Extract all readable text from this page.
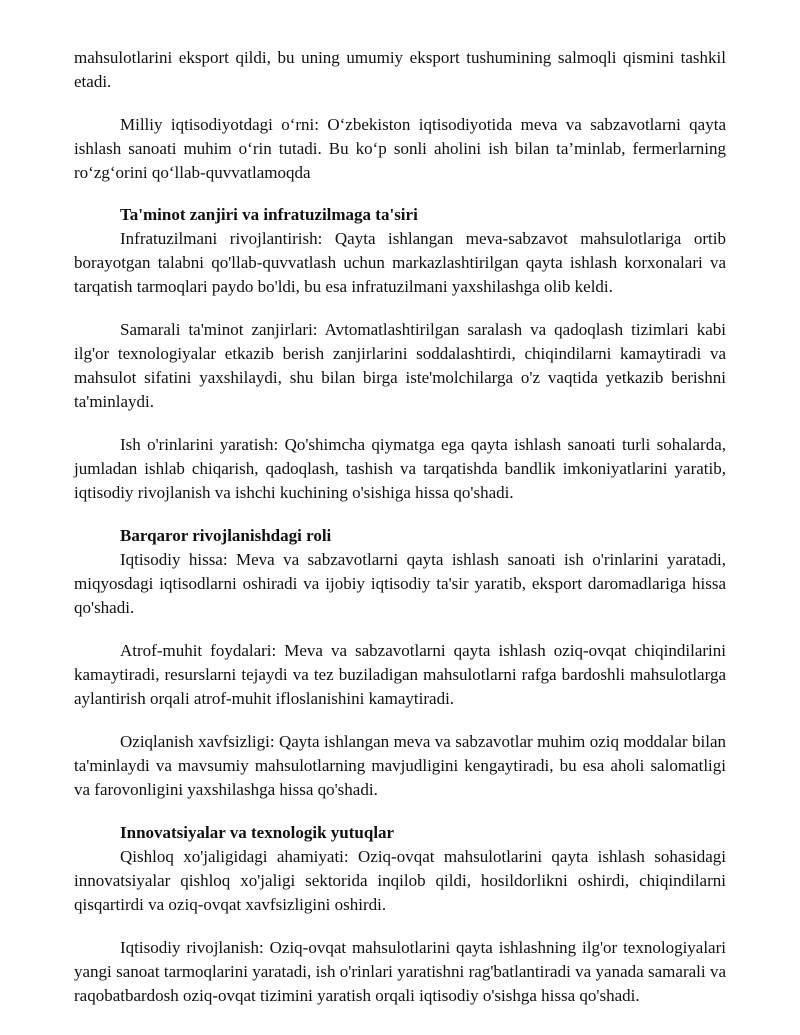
mahsulotlarini eksport qildi, bu uning umumiy eksport tushumining salmoqli qismini tashkil etadi.

Milliy iqtisodiyotdagi o‘rni: O‘zbekiston iqtisodiyotida meva va sabzavotlarni qayta ishlash sanoati muhim o‘rin tutadi. Bu ko‘p sonli aholini ish bilan ta’minlab, fermerlarning ro‘zg‘orini qo‘llab-quvvatlamoqda

Ta'minot zanjiri va infratuzilmaga ta'siri

Infratuzilmani rivojlantirish: Qayta ishlangan meva-sabzavot mahsulotlariga ortib borayotgan talabni qo'llab-quvvatlash uchun markazlashtirilgan qayta ishlash korxonalari va tarqatish tarmoqlari paydo bo'ldi, bu esa infratuzilmani yaxshilashga olib keldi.

Samarali ta'minot zanjirlari: Avtomatlashtirilgan saralash va qadoqlash tizimlari kabi ilg'or texnologiyalar etkazib berish zanjirlarini soddalashtirdi, chiqindilarni kamaytiradi va mahsulot sifatini yaxshilaydi, shu bilan birga iste'molchilarga o'z vaqtida yetkazib berishni ta'minlaydi.

Ish o'rinlarini yaratish: Qo'shimcha qiymatga ega qayta ishlash sanoati turli sohalarda, jumladan ishlab chiqarish, qadoqlash, tashish va tarqatishda bandlik imkoniyatlarini yaratib, iqtisodiy rivojlanish va ishchi kuchining o'sishiga hissa qo'shadi.

Barqaror rivojlanishdagi roli

Iqtisodiy hissa: Meva va sabzavotlarni qayta ishlash sanoati ish o'rinlarini yaratadi, miqyosdagi iqtisodlarni oshiradi va ijobiy iqtisodiy ta'sir yaratib, eksport daromadlariga hissa qo'shadi.

Atrof-muhit foydalari: Meva va sabzavotlarni qayta ishlash oziq-ovqat chiqindilarini kamaytiradi, resurslarni tejaydi va tez buziladigan mahsulotlarni rafga bardoshli mahsulotlarga aylantirish orqali atrof-muhit ifloslanishini kamaytiradi.

Oziqlanish xavfsizligi: Qayta ishlangan meva va sabzavotlar muhim oziq moddalar bilan ta'minlaydi va mavsumiy mahsulotlarning mavjudligini kengaytiradi, bu esa aholi salomatligi va farovonligini yaxshilashga hissa qo'shadi.

Innovatsiyalar va texnologik yutuqlar

Qishloq xo'jaligidagi ahamiyati: Oziq-ovqat mahsulotlarini qayta ishlash sohasidagi innovatsiyalar qishloq xo'jaligi sektorida inqilob qildi, hosildorlikni oshirdi, chiqindilarni qisqartirdi va oziq-ovqat xavfsizligini oshirdi.

Iqtisodiy rivojlanish: Oziq-ovqat mahsulotlarini qayta ishlashning ilg'or texnologiyalari yangi sanoat tarmoqlarini yaratadi, ish o'rinlari yaratishni rag'batlantiradi va yanada samarali va raqobatbardosh oziq-ovqat tizimini yaratish orqali iqtisodiy o'sishga hissa qo'shadi.
